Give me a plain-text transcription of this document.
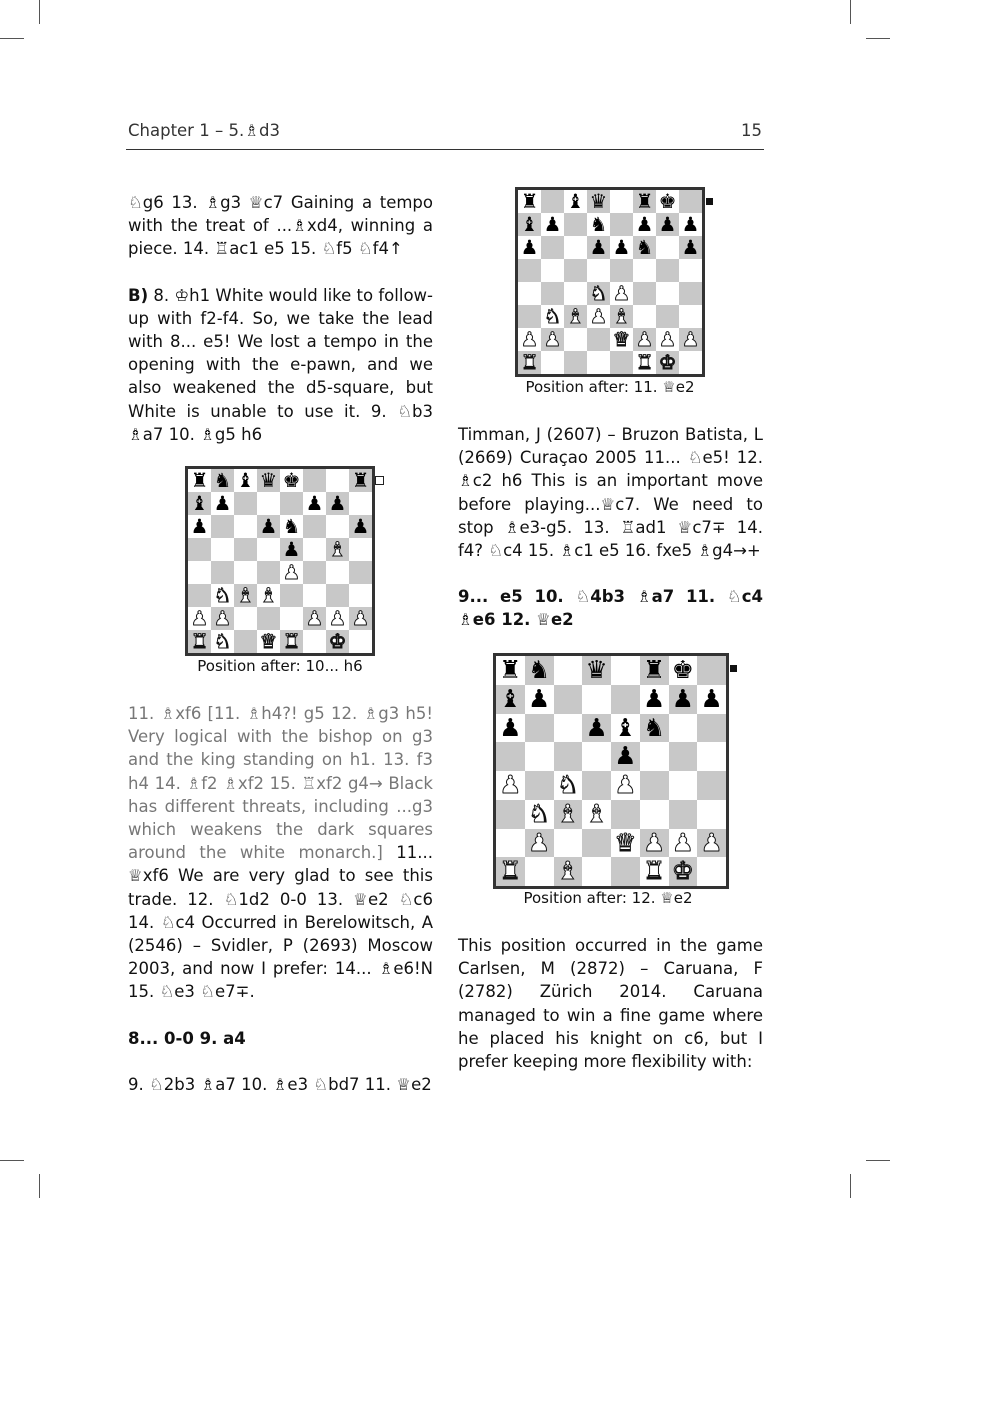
Chapter 1 – 5.♗d3	15

♘g6 13. ♗g3 ♕c7 Gaining a tempo with the treat of ...♗xd4, winning a piece. 14. ♖ac1 e5 15. ♘f5 ♘f4↑

B) 8. ♔h1 White would like to follow-up with f2-f4. So, we take the lead with 8... e5! We lost a tempo in the opening with the e-pawn, and we also weakened the d5-square, but White is unable to use it. 9. ♘b3 ♗a7 10. ♗g5 h6

11. ♗xf6 [11. ♗h4?! g5 12. ♗g3 h5! Very logical with the bishop on g3 and the king standing on h1. 13. f3 h4 14. ♗f2 ♗xf2 15. ♖xf2 g4→ Black has different threats, including ...g3 which weakens the dark squares around the white monarch.] 11... ♕xf6 We are very glad to see this trade. 12. ♘1d2 0-0 13. ♕e2 ♘c6 14. ♘c4 Occurred in Berelowitsch, A (2546) – Svidler, P (2693) Moscow 2003, and now I prefer: 14... ♗e6!N 15. ♘e3 ♘e7∓.

8... 0-0 9. a4

9. ♘2b3 ♗a7 10. ♗e3 ♘bd7 11. ♕e2

Timman, J (2607) – Bruzon Batista, L (2669) Curaçao 2005 11... ♘e5! 12. ♗c2 h6 This is an important move before playing...♕c7. We need to stop ♗e3-g5. 13. ♖ad1 ♕c7∓ 14. f4? ♘c4 15. ♗c1 e5 16. fxe5 ♗g4→+

9... e5 10. ♘4b3 ♗a7 11. ♘c4 ♗e6 12. ♕e2

This position occurred in the game Carlsen, M (2872) – Caruana, F (2782) Zürich 2014. Caruana managed to win a fine game where he placed his knight on c6, but I prefer keeping more flexibility with:

♜ ♝ ♛ ♜ ♚
♝ ♟ ♞ ♟ ♟ ♟
♟	♟ ♟ ♞ ♟
♞ ♟
♞ ♝ ♟ ♝
♟ ♟	♛ ♟ ♟ ♟
♜	♜ ♚
Position after: 11. ♕e2
♜ ♞ ♝ ♛ ♚	♜
♝ ♟	♟ ♟
♟	♟ ♞	♟
♟ ♝
♟
♞ ♝ ♝
♟ ♟	♟ ♟ ♟
♜ ♞ ♛ ♜ ♚
Position after: 10... h6	♜ ♞ ♛ ♜ ♚
♝ ♟	♟ ♟ ♟
♟	♟ ♝ ♞
♟
♟ ♞ ♟
♞ ♝ ♝
♟	♛ ♟ ♟ ♟
♜ ♝	♜ ♚
Position after: 12. ♕e2
